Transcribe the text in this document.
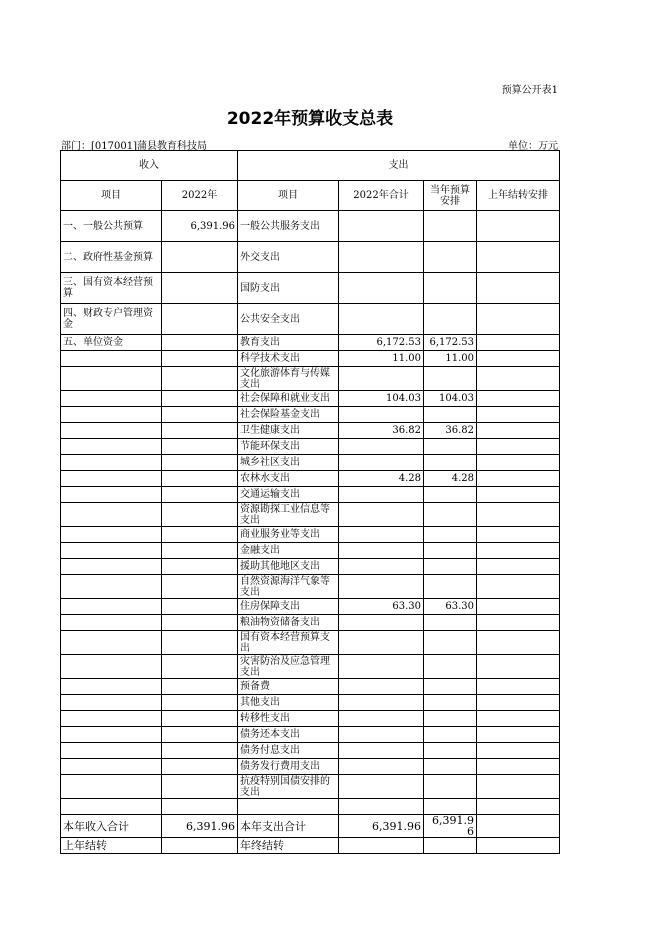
预算公开表1
2022年预算收支总表
部门：[017001]蒲县教育科技局	单位：万元
收入		支出			
项目	2022年	项目	2022年合计	当年预算安排	上年结转安排
一、一般公共预算	6,391.96	一般公共服务支出			
二、政府性基金预算		外交支出			
三、国有资本经营预算		国防支出			
四、财政专户管理资金		公共安全支出			
五、单位资金		教育支出	6,172.53	6,172.53	
		科学技术支出	11.00	11.00	
		文化旅游体育与传媒支出			
		社会保障和就业支出	104.03	104.03	
		社会保险基金支出			
		卫生健康支出	36.82	36.82	
		节能环保支出			
		城乡社区支出			
		农林水支出	4.28	4.28	
		交通运输支出			
		资源勘探工业信息等支出			
		商业服务业等支出			
		金融支出			
		援助其他地区支出			
		自然资源海洋气象等支出			
		住房保障支出	63.30	63.30	
		粮油物资储备支出			
		国有资本经营预算支出			
		灾害防治及应急管理支出			
		预备费			
		其他支出			
		转移性支出			
		债务还本支出			
		债务付息支出			
		债务发行费用支出			
		抗疫特别国债安排的支出			

本年收入合计	6,391.96	本年支出合计	6,391.96	6,391.96	
上年结转		年终结转			
